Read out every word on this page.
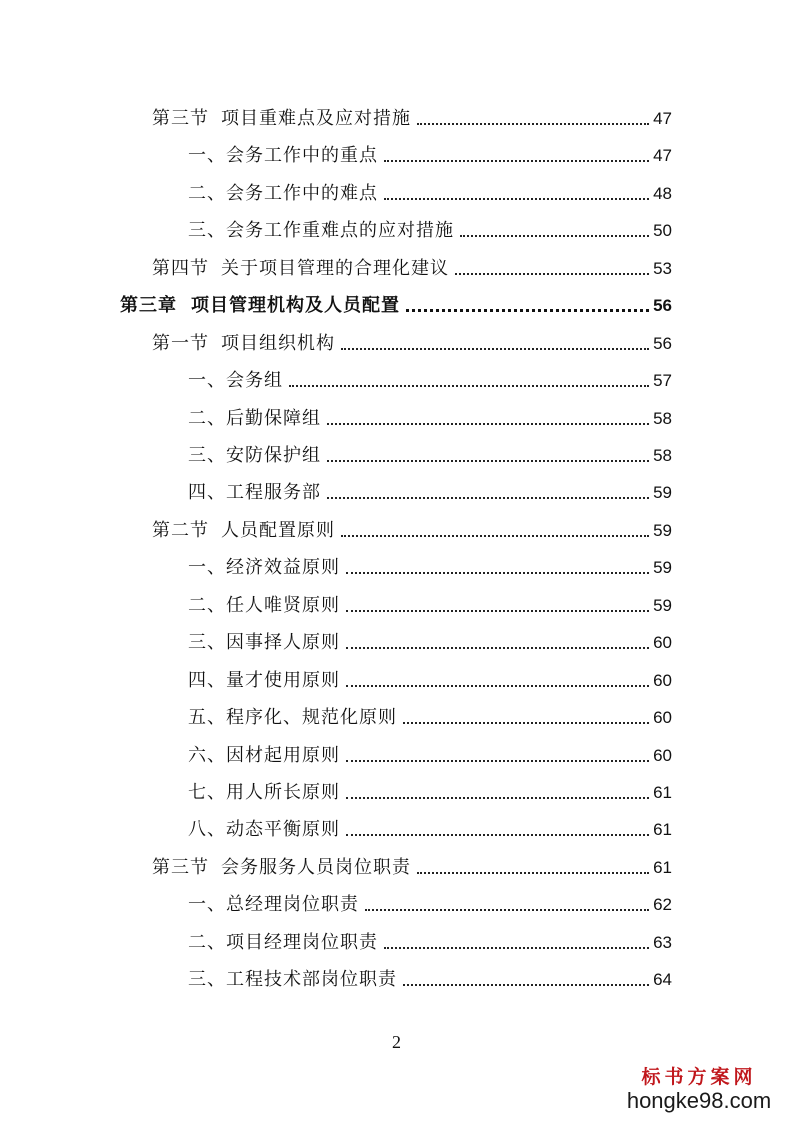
第三节 项目重难点及应对措施	47
一、会务工作中的重点	47
二、会务工作中的难点	48
三、会务工作重难点的应对措施	50
第四节 关于项目管理的合理化建议	53
第三章 项目管理机构及人员配置	56
第一节 项目组织机构	56
一、会务组	57
二、后勤保障组	58
三、安防保护组	58
四、工程服务部	59
第二节 人员配置原则	59
一、经济效益原则	59
二、任人唯贤原则	59
三、因事择人原则	60
四、量才使用原则	60
五、程序化、规范化原则	60
六、因材起用原则	60
七、用人所长原则	61
八、动态平衡原则	61
第三节 会务服务人员岗位职责	61
一、总经理岗位职责	62
二、项目经理岗位职责	63
三、工程技术部岗位职责	64
2
标书方案网
hongke98.com
